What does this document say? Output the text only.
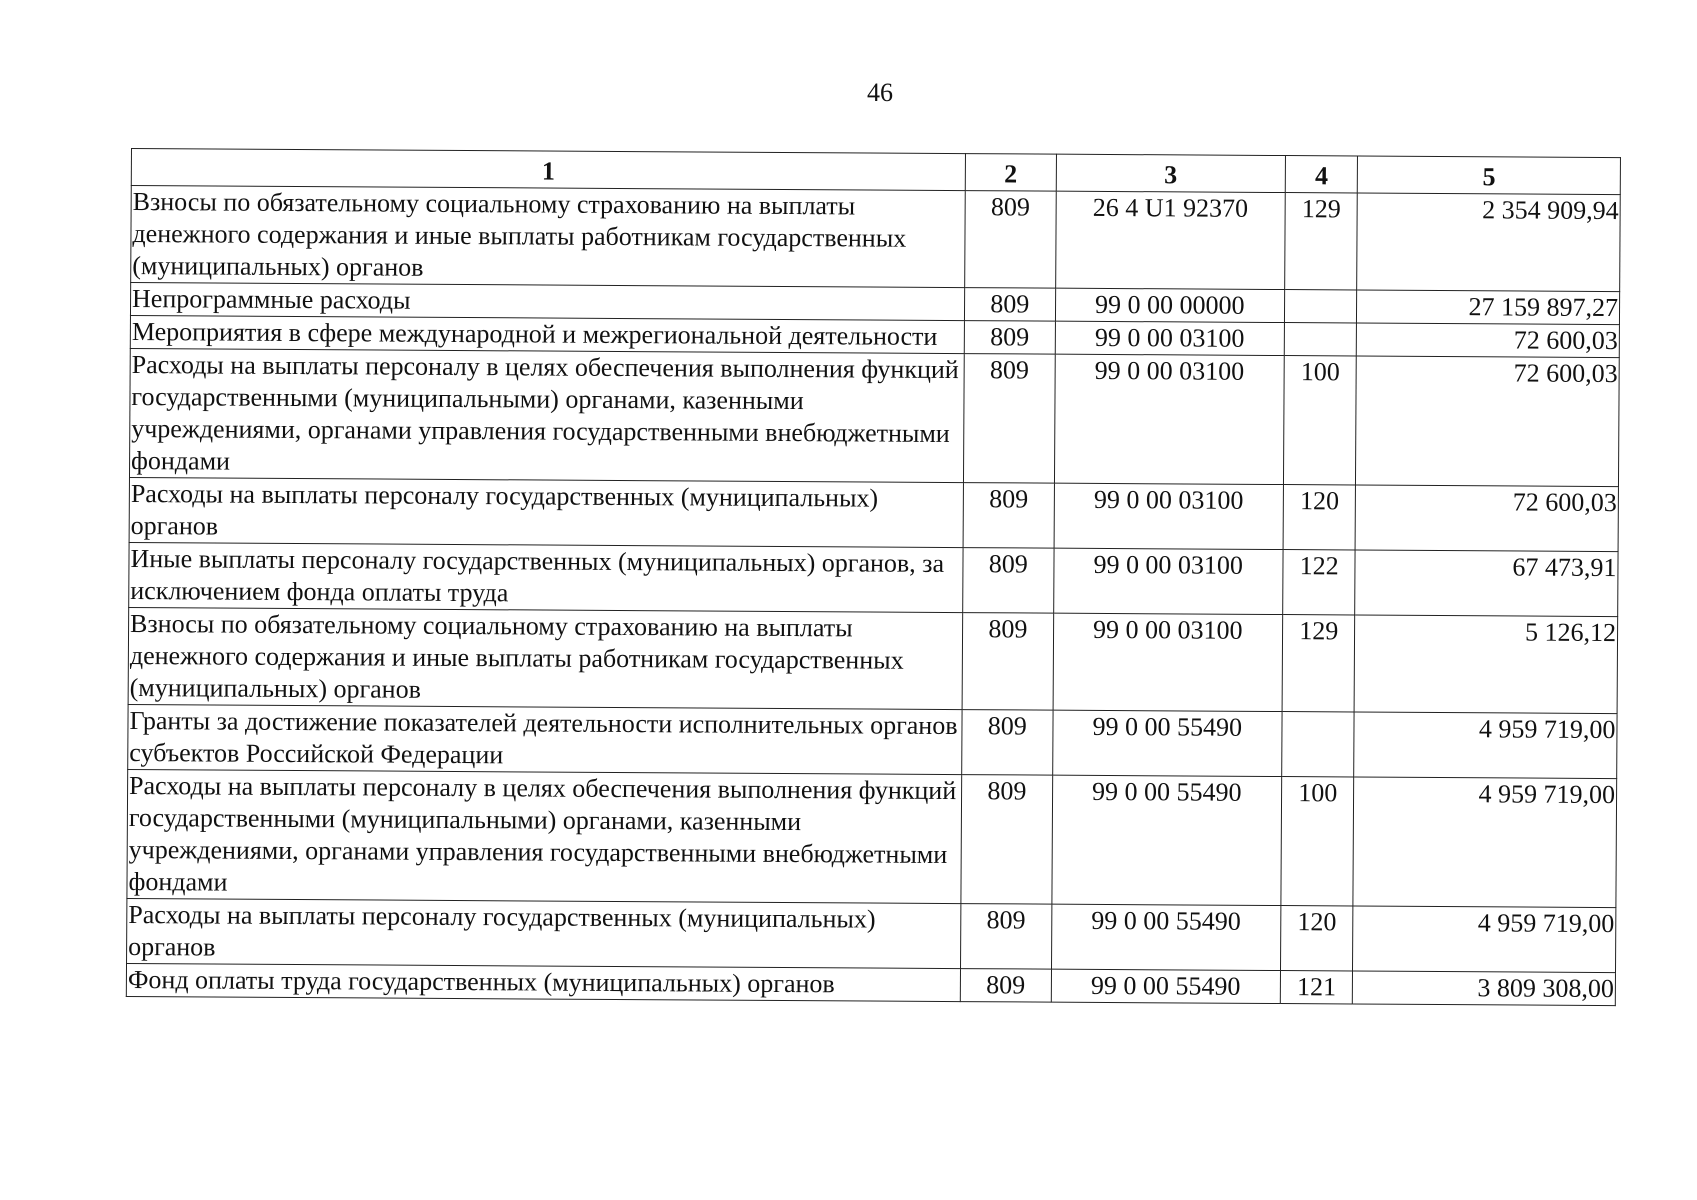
46
1	2	3	4	5
Взносы по обязательному социальному страхованию на выплаты денежного содержания и иные выплаты работникам государственных (муниципальных) органов	809	26 4 U1 92370	129	2 354 909,94
Непрограммные расходы	809	99 0 00 00000		27 159 897,27
Мероприятия в сфере международной и межрегиональной деятельности	809	99 0 00 03100		72 600,03
Расходы на выплаты персоналу в целях обеспечения выполнения функций государственными (муниципальными) органами, казенными учреждениями, органами управления государственными внебюджетными фондами	809	99 0 00 03100	100	72 600,03
Расходы на выплаты персоналу государственных (муниципальных) органов	809	99 0 00 03100	120	72 600,03
Иные выплаты персоналу государственных (муниципальных) органов, за исключением фонда оплаты труда	809	99 0 00 03100	122	67 473,91
Взносы по обязательному социальному страхованию на выплаты денежного содержания и иные выплаты работникам государственных (муниципальных) органов	809	99 0 00 03100	129	5 126,12
Гранты за достижение показателей деятельности исполнительных органов субъектов Российской Федерации	809	99 0 00 55490		4 959 719,00
Расходы на выплаты персоналу в целях обеспечения выполнения функций государственными (муниципальными) органами, казенными учреждениями, органами управления государственными внебюджетными фондами	809	99 0 00 55490	100	4 959 719,00
Расходы на выплаты персоналу государственных (муниципальных) органов	809	99 0 00 55490	120	4 959 719,00
Фонд оплаты труда государственных (муниципальных) органов	809	99 0 00 55490	121	3 809 308,00
